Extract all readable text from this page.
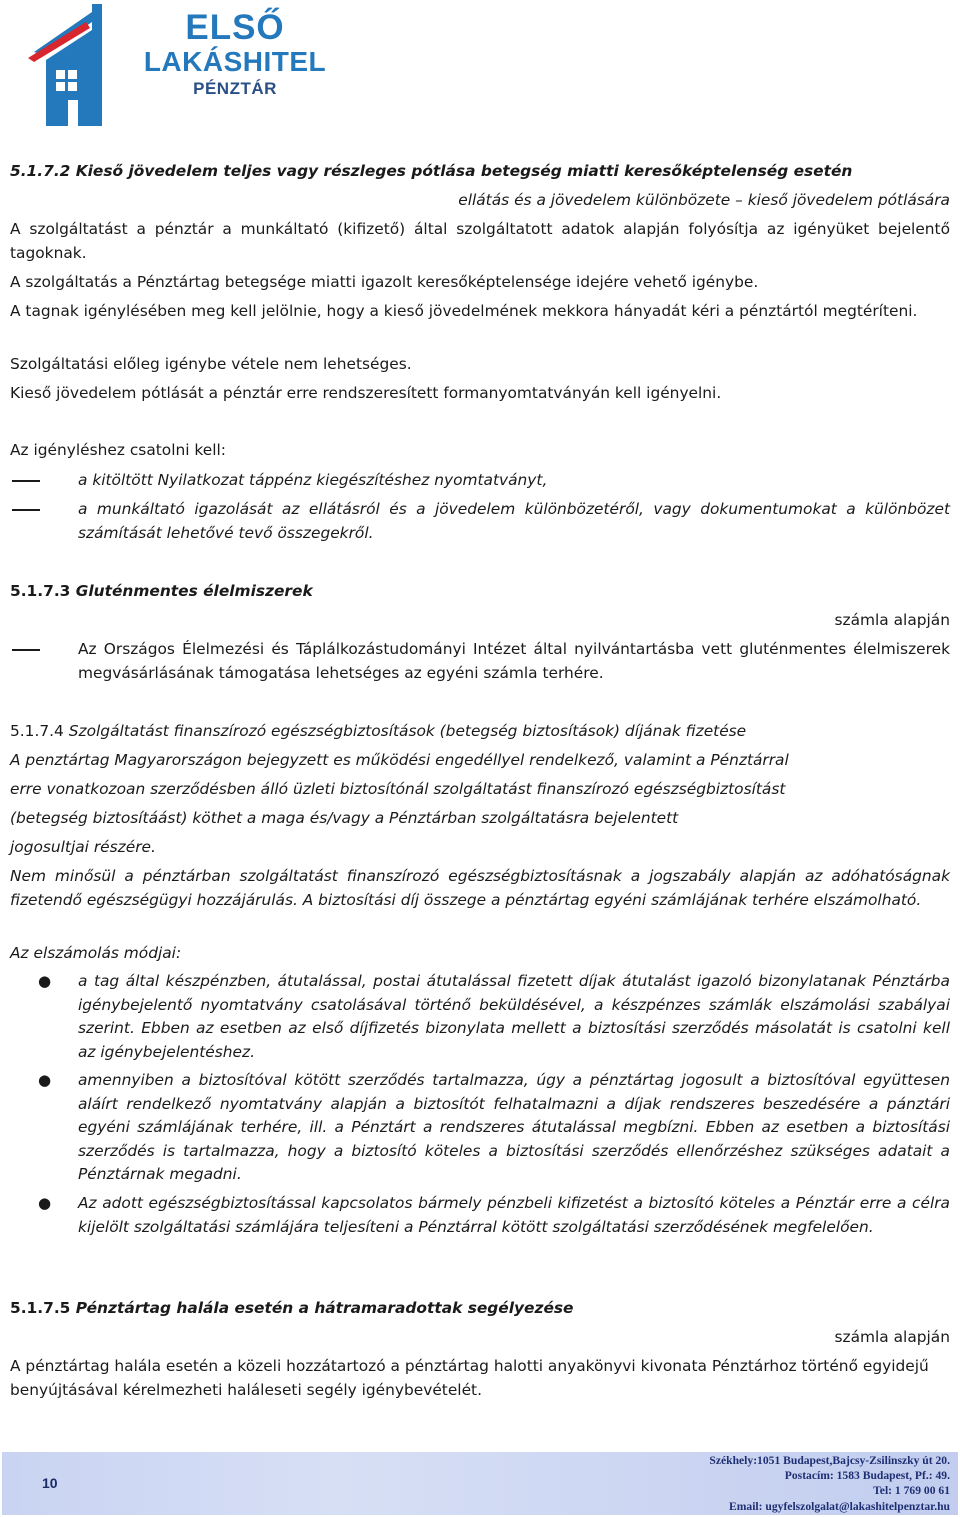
ELSŐ
LAKÁSHITEL
PÉNZTÁR
5.1.7.2 Kieső jövedelem teljes vagy részleges pótlása betegség miatti keresőképtelenség esetén
ellátás és a jövedelem különbözete – kieső jövedelem pótlására
A szolgáltatást a pénztár a munkáltató (kifizető) által szolgáltatott adatok alapján folyósítja az igényüket bejelentő tagoknak.
A szolgáltatás a Pénztártag betegsége miatti igazolt keresőképtelensége idejére vehető igénybe.
A tagnak igénylésében meg kell jelölnie, hogy a kieső jövedelmének mekkora hányadát kéri a pénztártól megtéríteni.
Szolgáltatási előleg igénybe vétele nem lehetséges.
Kieső jövedelem pótlását a pénztár erre rendszeresített formanyomtatványán kell igényelni.
Az igényléshez csatolni kell:
a kitöltött Nyilatkozat táppénz kiegészítéshez nyomtatványt,
a munkáltató igazolását az ellátásról és a jövedelem különbözetéről, vagy dokumentumokat a különbözet számítását lehetővé tevő összegekről.
5.1.7.3 Gluténmentes élelmiszerek
számla alapján
Az Országos Élelmezési és Táplálkozástudományi Intézet által nyilvántartásba vett gluténmentes élelmiszerek megvásárlásának támogatása lehetséges az egyéni számla terhére.
5.1.7.4 Szolgáltatást finanszírozó egészségbiztosítások (betegség biztosítások) díjának fizetése
A penztártag Magyarországon bejegyzett es működési engedéllyel rendelkező, valamint a Pénztárral
erre vonatkozoan szerződésben álló üzleti biztosítónál szolgáltatást finanszírozó egészségbiztosítást
(betegség biztosítáást) köthet a maga és/vagy a Pénztárban szolgáltatásra bejelentett
jogosultjai részére.
Nem minősül a pénztárban szolgáltatást finanszírozó egészségbiztosításnak a jogszabály alapján az adóhatóságnak fizetendő egészségügyi hozzájárulás. A biztosítási díj összege a pénztártag egyéni számlájának terhére elszámolható.
Az elszámolás módjai:
● a tag által készpénzben, átutalással, postai átutalással fizetett díjak átutalást igazoló bizonylatanak Pénztárba igénybejelentő nyomtatvány csatolásával történő beküldésével, a készpénzes számlák elszámolási szabályai szerint. Ebben az esetben az első díjfizetés bizonylata mellett a biztosítási szerződés másolatát is csatolni kell az igénybejelentéshez.
● amennyiben a biztosítóval kötött szerződés tartalmazza, úgy a pénztártag jogosult a biztosítóval együttesen aláírt rendelkező nyomtatvány alapján a biztosítót felhatalmazni a díjak rendszeres beszedésére a pánztári egyéni számlájának terhére, ill. a Pénztárt a rendszeres átutalással megbízni. Ebben az esetben a biztosítási szerződés is tartalmazza, hogy a biztosító köteles a biztosítási szerződés ellenőrzéshez szükséges adatait a Pénztárnak megadni.
● Az adott egészségbiztosítással kapcsolatos bármely pénzbeli kifizetést a biztosító köteles a Pénztár erre a célra kijelölt szolgáltatási számlájára teljesíteni a Pénztárral kötött szolgáltatási szerződésének megfelelően.
5.1.7.5 Pénztártag halála esetén a hátramaradottak segélyezése
számla alapján
A pénztártag halála esetén a közeli hozzátartozó a pénztártag halotti anyakönyvi kivonata Pénztárhoz történő egyidejű benyújtásával kérelmezheti haláleseti segély igénybevételét.
10
Székhely:1051 Budapest,Bajcsy-Zsilinszky út 20.
Postacím: 1583 Budapest, Pf.: 49.
Tel: 1 769 00 61
Email: ugyfelszolgalat@lakashitelpenztar.hu
